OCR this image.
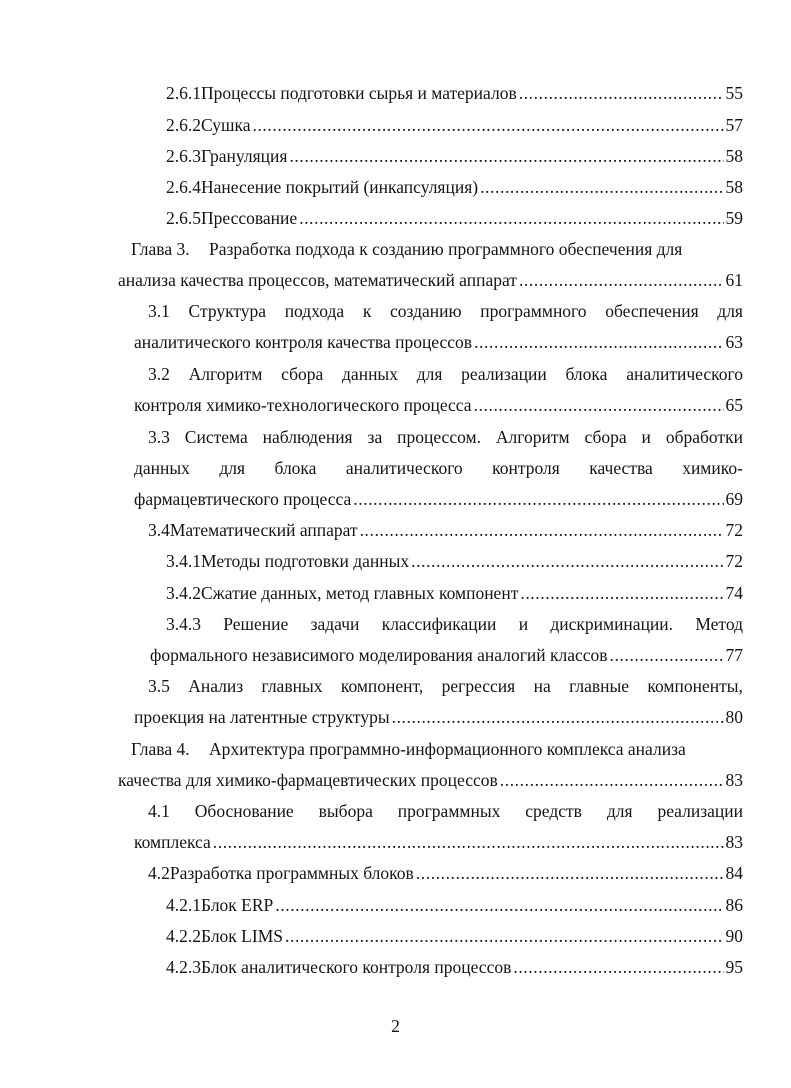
2.6.1 Процессы подготовки сырья и материалов .....	55
2.6.2 Сушка .....	57
2.6.3 Грануляция .....	58
2.6.4 Нанесение покрытий (инкапсуляция) .....	58
2.6.5 Прессование .....	59
Глава 3.	Разработка подхода к созданию программного обеспечения для
анализа качества процессов, математический аппарат .....	61
3.1 Структура подхода к созданию программного обеспечения для
аналитического контроля качества процессов .....	63
3.2 Алгоритм сбора данных для реализации блока аналитического
контроля химико-технологического процесса .....	65
3.3 Система наблюдения за процессом. Алгоритм сбора и обработки
данных для блока аналитического контроля качества химико-
фармацевтического процесса .....	69
3.4 Математический аппарат .....	72
3.4.1 Методы подготовки данных .....	72
3.4.2 Сжатие данных, метод главных компонент .....	74
3.4.3 Решение задачи классификации и дискриминации. Метод
формального независимого моделирования аналогий классов .....	77
3.5 Анализ главных компонент, регрессия на главные компоненты,
проекция на латентные структуры .....	80
Глава 4.	Архитектура программно-информационного комплекса анализа
качества для химико-фармацевтических процессов .....	83
4.1 Обоснование выбора программных средств для реализации
комплекса .....	83
4.2 Разработка программных блоков .....	84
4.2.1 Блок ERP .....	86
4.2.2 Блок LIMS .....	90
4.2.3 Блок аналитического контроля процессов .....	95
2
